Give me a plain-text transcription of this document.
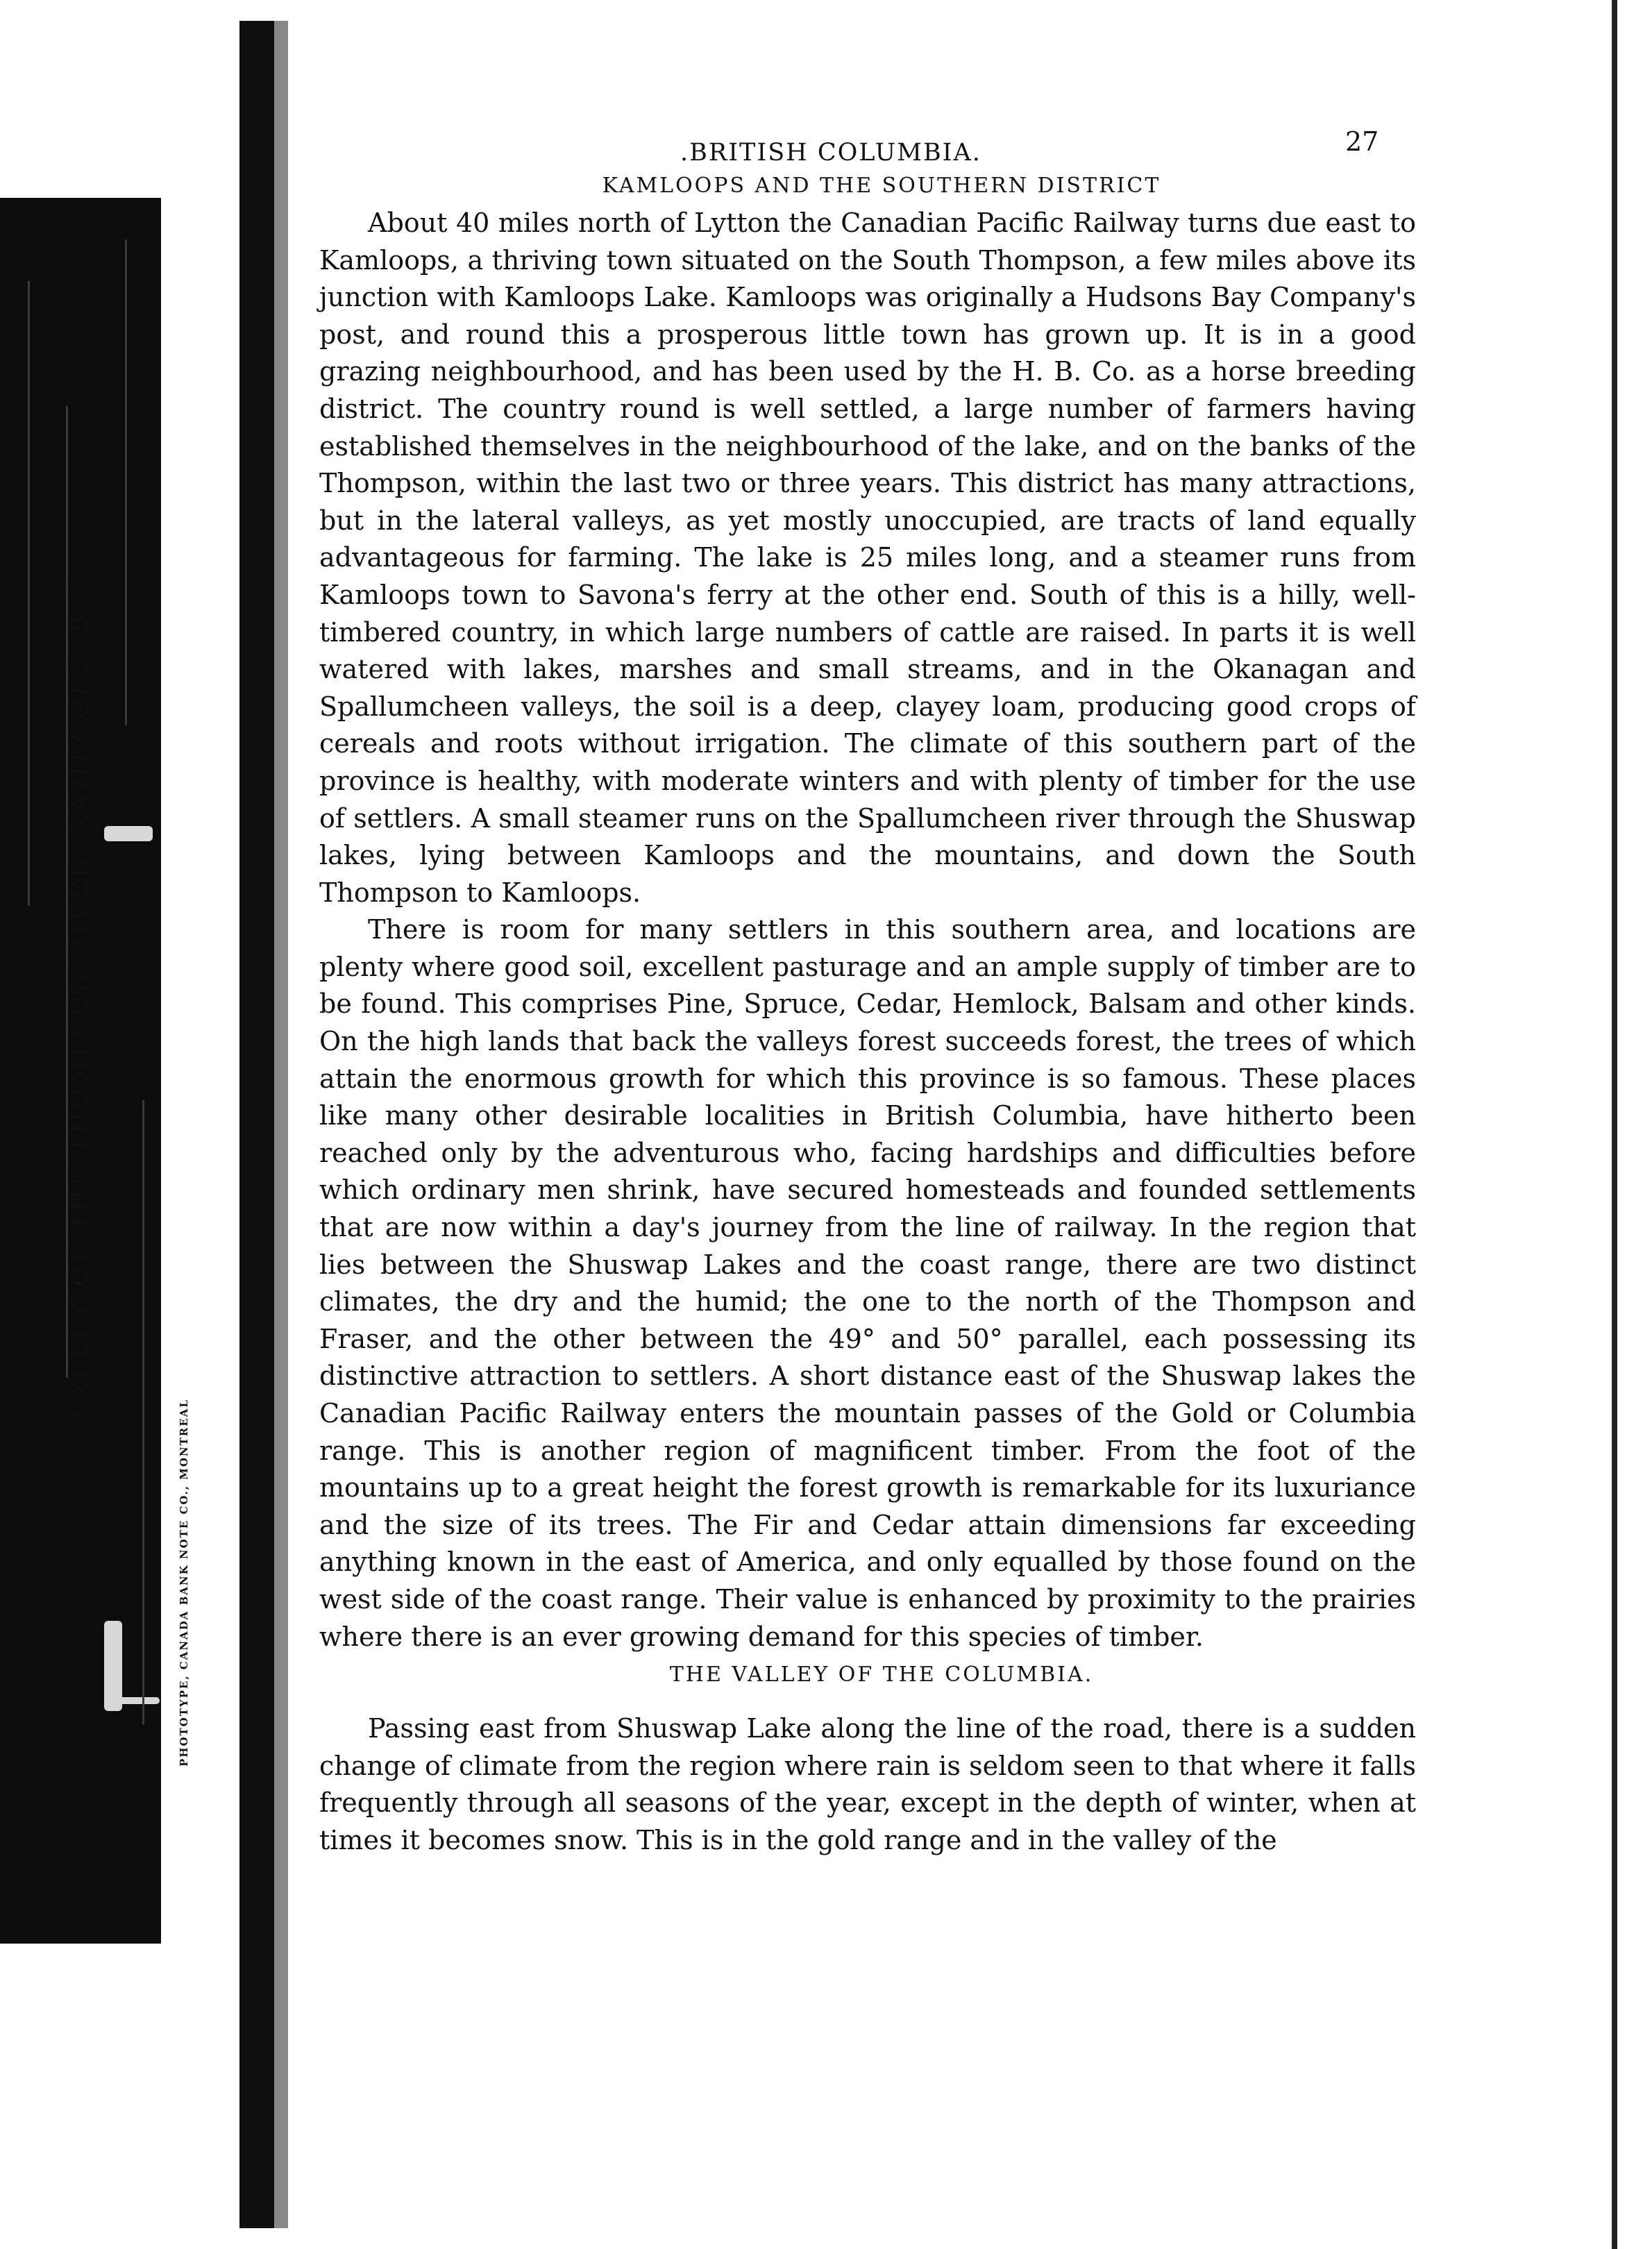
VALLEY OF THE THOMPSON RIVER, KAMLOOPS, B.C.
PHOTOTYPE, CANADA BANK NOTE CO., MONTREAL
.BRITISH COLUMBIA.	27
KAMLOOPS AND THE SOUTHERN DISTRICT

About 40 miles north of Lytton the Canadian Pacific Railway turns due east to Kamloops, a thriving town situated on the South Thompson, a few miles above its junction with Kamloops Lake. Kamloops was originally a Hudsons Bay Company's post, and round this a prosperous little town has grown up. It is in a good grazing neighbourhood, and has been used by the H. B. Co. as a horse breeding district. The country round is well settled, a large number of farmers having established themselves in the neighbourhood of the lake, and on the banks of the Thompson, within the last two or three years. This district has many attractions, but in the lateral valleys, as yet mostly unoccupied, are tracts of land equally advantageous for farming. The lake is 25 miles long, and a steamer runs from Kamloops town to Savona's ferry at the other end. South of this is a hilly, well-timbered country, in which large numbers of cattle are raised. In parts it is well watered with lakes, marshes and small streams, and in the Okanagan and Spallumcheen valleys, the soil is a deep, clayey loam, producing good crops of cereals and roots without irrigation. The climate of this southern part of the province is healthy, with moderate winters and with plenty of timber for the use of settlers. A small steamer runs on the Spallumcheen river through the Shuswap lakes, lying between Kamloops and the mountains, and down the South Thompson to Kamloops.

There is room for many settlers in this southern area, and locations are plenty where good soil, excellent pasturage and an ample supply of timber are to be found. This comprises Pine, Spruce, Cedar, Hemlock, Balsam and other kinds. On the high lands that back the valleys forest succeeds forest, the trees of which attain the enormous growth for which this province is so famous. These places like many other desirable localities in British Columbia, have hitherto been reached only by the adventurous who, facing hardships and difficulties before which ordinary men shrink, have secured homesteads and founded settlements that are now within a day's journey from the line of railway. In the region that lies between the Shuswap Lakes and the coast range, there are two distinct climates, the dry and the humid; the one to the north of the Thompson and Fraser, and the other between the 49° and 50° parallel, each possessing its distinctive attraction to settlers. A short distance east of the Shuswap lakes the Canadian Pacific Railway enters the mountain passes of the Gold or Columbia range. This is another region of magnificent timber. From the foot of the mountains up to a great height the forest growth is remarkable for its luxuriance and the size of its trees. The Fir and Cedar attain dimensions far exceeding anything known in the east of America, and only equalled by those found on the west side of the coast range. Their value is enhanced by proximity to the prairies where there is an ever growing demand for this species of timber.

THE VALLEY OF THE COLUMBIA.

Passing east from Shuswap Lake along the line of the road, there is a sudden change of climate from the region where rain is seldom seen to that where it falls frequently through all seasons of the year, except in the depth of winter, when at times it becomes snow. This is in the gold range and in the valley of the
